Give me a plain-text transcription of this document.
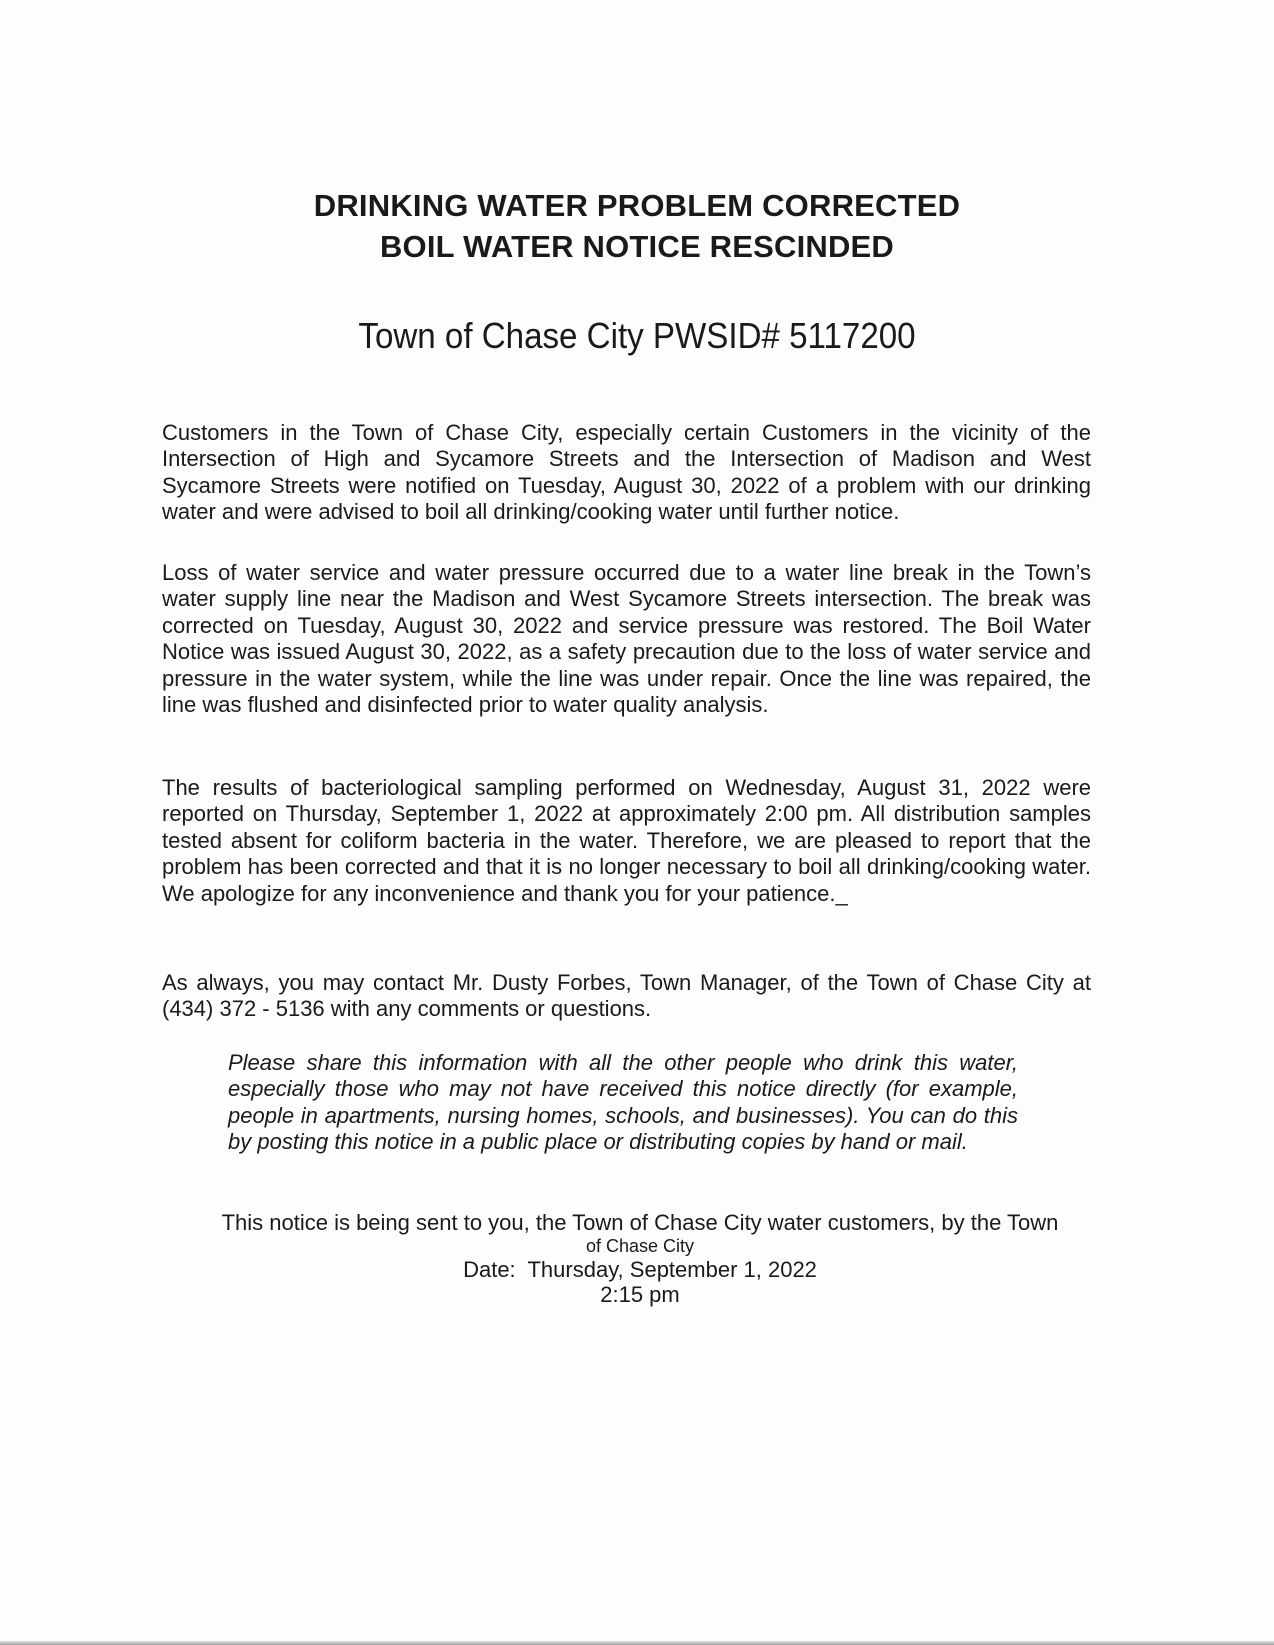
DRINKING WATER PROBLEM CORRECTED
BOIL WATER NOTICE RESCINDED
Town of Chase City PWSID# 5117200
Customers in the Town of Chase City, especially certain Customers in the vicinity of the Intersection of High and Sycamore Streets and the Intersection of Madison and West Sycamore Streets were notified on Tuesday, August 30, 2022 of a problem with our drinking water and were advised to boil all drinking/cooking water until further notice.
Loss of water service and water pressure occurred due to a water line break in the Town’s water supply line near the Madison and West Sycamore Streets intersection. The break was corrected on Tuesday, August 30, 2022 and service pressure was restored. The Boil Water Notice was issued August 30, 2022, as a safety precaution due to the loss of water service and pressure in the water system, while the line was under repair. Once the line was repaired, the line was flushed and disinfected prior to water quality analysis.
The results of bacteriological sampling performed on Wednesday, August 31, 2022 were reported on Thursday, September 1, 2022 at approximately 2:00 pm. All distribution samples tested absent for coliform bacteria in the water. Therefore, we are pleased to report that the problem has been corrected and that it is no longer necessary to boil all drinking/cooking water. We apologize for any inconvenience and thank you for your patience._
As always, you may contact Mr. Dusty Forbes, Town Manager, of the Town of Chase City at (434) 372 - 5136 with any comments or questions.
Please share this information with all the other people who drink this water, especially those who may not have received this notice directly (for example, people in apartments, nursing homes, schools, and businesses). You can do this by posting this notice in a public place or distributing copies by hand or mail.
This notice is being sent to you, the Town of Chase City water customers, by the Town
of Chase City
Date:  Thursday, September 1, 2022
2:15 pm
